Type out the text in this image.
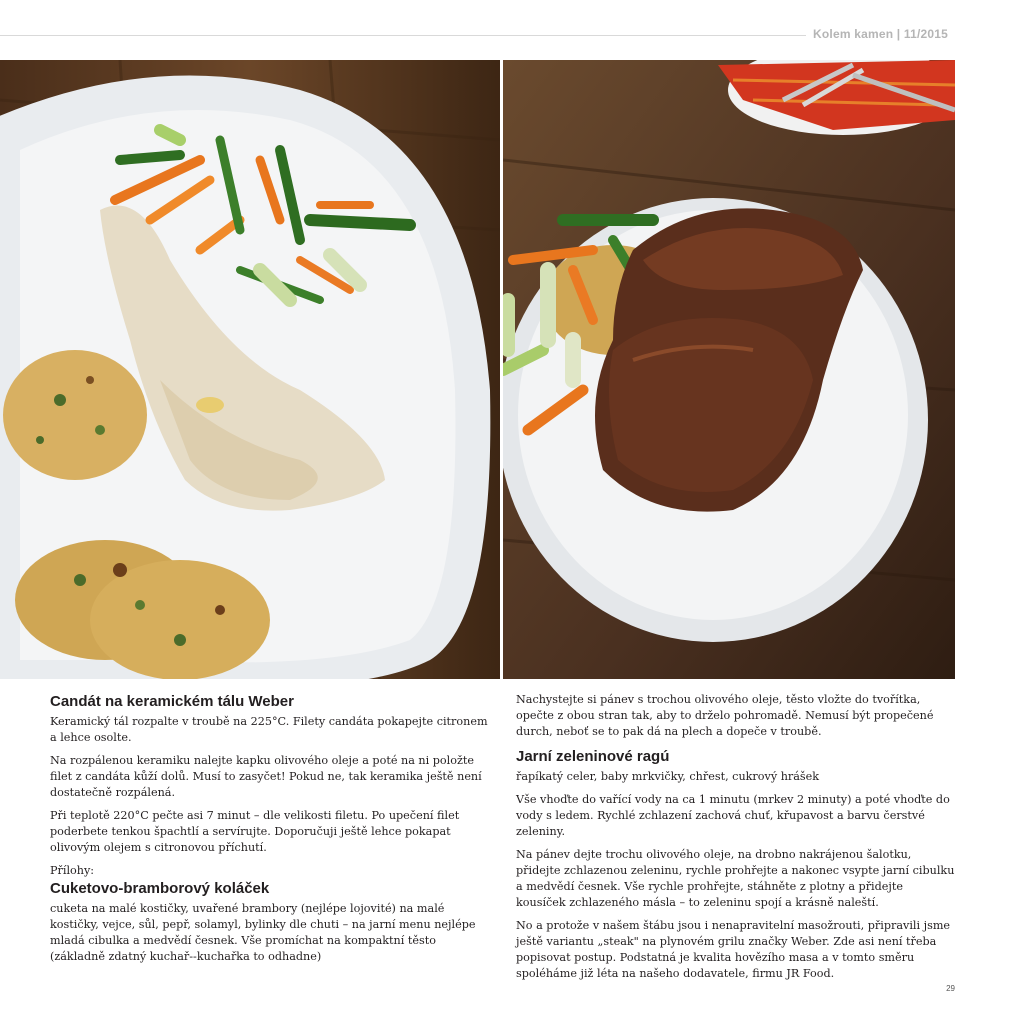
Kolem kamen | 11/2015
Candát na keramickém tálu Weber

Keramický tál rozpalte v troubě na 225°C. Filety candáta pokapejte citronem a lehce osolte.

Na rozpálenou keramiku nalejte kapku olivového oleje a poté na ni položte filet z candáta kůží dolů. Musí to zasyčet! Pokud ne, tak keramika ještě není dostatečně rozpálená.

Při teplotě 220°C pečte asi 7 minut – dle velikosti filetu. Po upečení filet poderbete tenkou špachtlí a servírujte. Doporučuji ještě lehce pokapat olivovým olejem s citronovou příchutí.

Přílohy:

Cuketovo-bramborový koláček

cuketa na malé kostičky, uvařené brambory (nejlépe lojovité) na malé kostičky, vejce, sůl, pepř, solamyl, bylinky dle chuti – na jarní menu nejlépe mladá cibulka a medvědí česnek. Vše promíchat na kompaktní těsto (základně zdatný kuchař--kuchařka to odhadne)

Nachystejte si pánev s trochou olivového oleje, těsto vložte do tvořítka, opečte z obou stran tak, aby to drželo pohromadě. Nemusí být propečené durch, neboť se to pak dá na plech a dopeče v troubě.

Jarní zeleninové ragú

řapíkatý celer, baby mrkvičky, chřest, cukrový hrášek

Vše vhoďte do vařící vody na ca 1 minutu (mrkev 2 minuty) a poté vhoďte do vody s ledem. Rychlé zchlazení zachová chuť, křupavost a barvu čerstvé zeleniny.

Na pánev dejte trochu olivového oleje, na drobno nakrájenou šalotku, přidejte zchlazenou zeleninu, rychle prohřejte a nakonec vsypte jarní cibulku a medvědí česnek. Vše rychle prohřejte, stáhněte z plotny a přidejte kousíček zchlazeného másla – to zeleninu spojí a krásně naleští.

No a protože v našem štábu jsou i nenapravitelní masožrouti, připravili jsme ještě variantu „steak" na plynovém grilu značky Weber. Zde asi není třeba popisovat postup. Podstatná je kvalita hovězího masa a v tomto směru spoléháme již léta na našeho dodavatele, firmu JR Food.

29
